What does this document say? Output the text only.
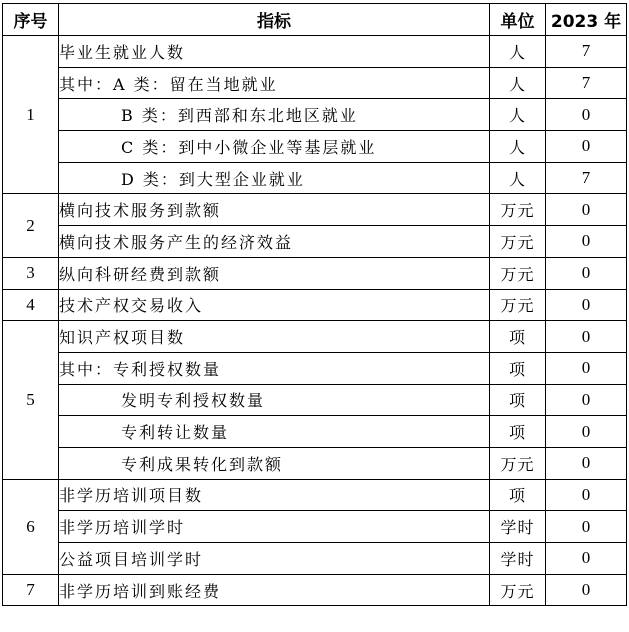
序号	指标	单位	2023 年
1	毕业生就业人数	人	7
	其中：A 类：留在当地就业	人	7
	B 类：到西部和东北地区就业	人	0
	C 类：到中小微企业等基层就业	人	0
	D 类：到大型企业就业	人	7
2	横向技术服务到款额	万元	0
	横向技术服务产生的经济效益	万元	0
3	纵向科研经费到款额	万元	0
4	技术产权交易收入	万元	0
5	知识产权项目数	项	0
	其中：专利授权数量	项	0
	发明专利授权数量	项	0
	专利转让数量	项	0
	专利成果转化到款额	万元	0
6	非学历培训项目数	项	0
	非学历培训学时	学时	0
	公益项目培训学时	学时	0
7	非学历培训到账经费	万元	0
